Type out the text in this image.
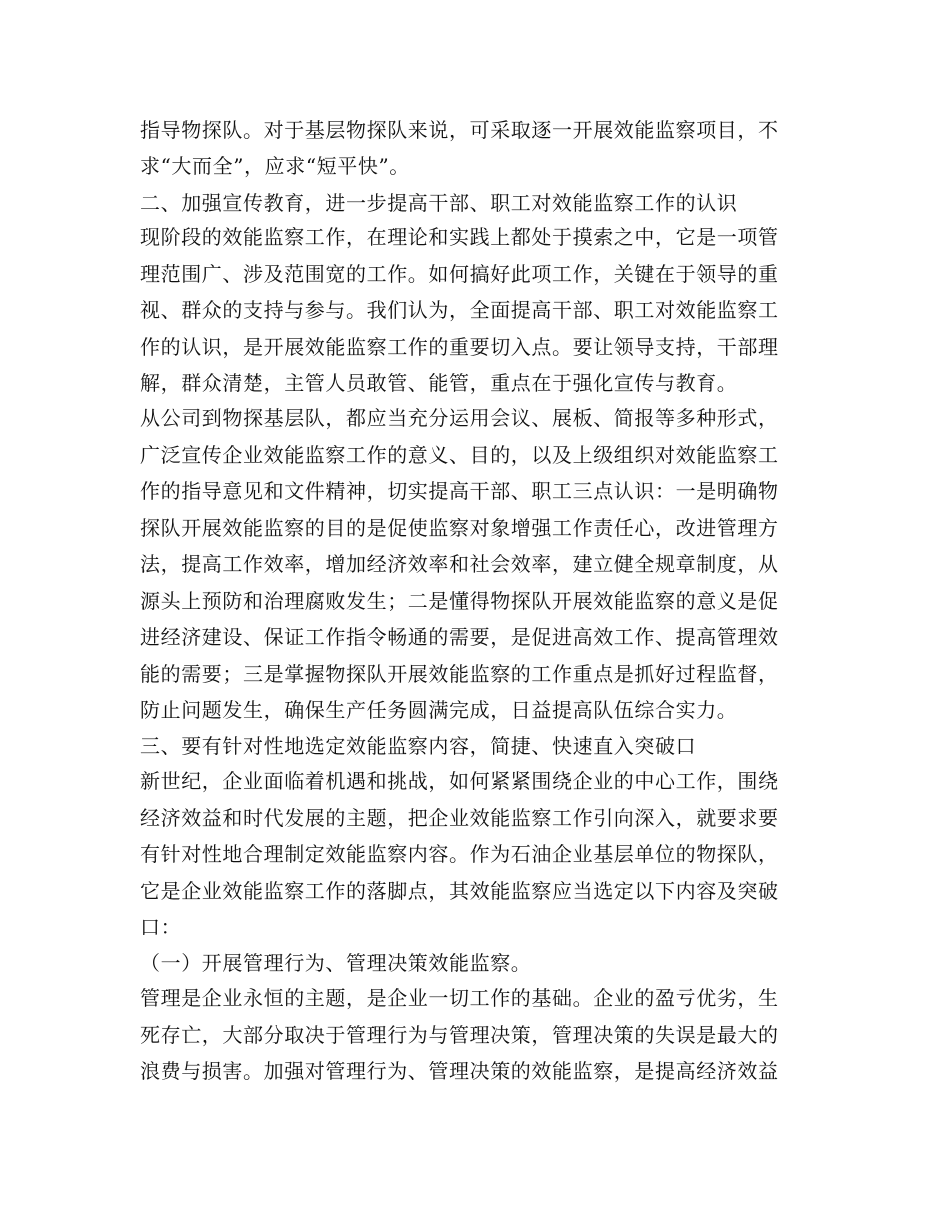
指导物探队。对于基层物探队来说，可采取逐一开展效能监察项目，不
求“大而全”，应求“短平快”。
二、加强宣传教育，进一步提高干部、职工对效能监察工作的认识
现阶段的效能监察工作，在理论和实践上都处于摸索之中，它是一项管
理范围广、涉及范围宽的工作。如何搞好此项工作，关键在于领导的重
视、群众的支持与参与。我们认为，全面提高干部、职工对效能监察工
作的认识，是开展效能监察工作的重要切入点。要让领导支持，干部理
解，群众清楚，主管人员敢管、能管，重点在于强化宣传与教育。
从公司到物探基层队，都应当充分运用会议、展板、简报等多种形式，
广泛宣传企业效能监察工作的意义、目的，以及上级组织对效能监察工
作的指导意见和文件精神，切实提高干部、职工三点认识：一是明确物
探队开展效能监察的目的是促使监察对象增强工作责任心，改进管理方
法，提高工作效率，增加经济效率和社会效率，建立健全规章制度，从
源头上预防和治理腐败发生；二是懂得物探队开展效能监察的意义是促
进经济建设、保证工作指令畅通的需要，是促进高效工作、提高管理效
能的需要；三是掌握物探队开展效能监察的工作重点是抓好过程监督，
防止问题发生，确保生产任务圆满完成，日益提高队伍综合实力。
三、要有针对性地选定效能监察内容，简捷、快速直入突破口
新世纪，企业面临着机遇和挑战，如何紧紧围绕企业的中心工作，围绕
经济效益和时代发展的主题，把企业效能监察工作引向深入，就要求要
有针对性地合理制定效能监察内容。作为石油企业基层单位的物探队，
它是企业效能监察工作的落脚点，其效能监察应当选定以下内容及突破
口：
（一）开展管理行为、管理决策效能监察。
管理是企业永恒的主题，是企业一切工作的基础。企业的盈亏优劣，生
死存亡，大部分取决于管理行为与管理决策，管理决策的失误是最大的
浪费与损害。加强对管理行为、管理决策的效能监察，是提高经济效益
